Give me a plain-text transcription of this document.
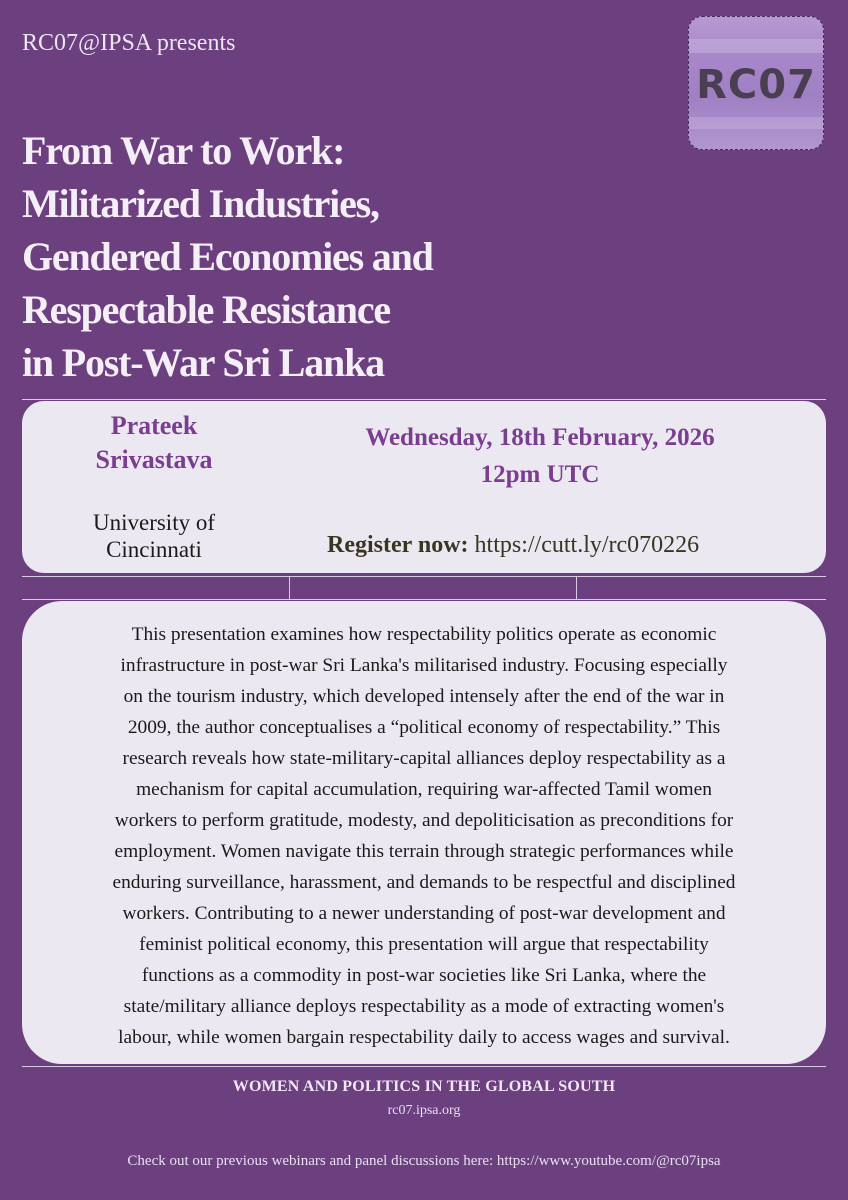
RC07@IPSA presents
RC07
From War to Work:
Militarized Industries,
Gendered Economies and
Respectable Resistance
in Post-War Sri Lanka
Prateek
Srivastava
University of
Cincinnati
Wednesday, 18th February, 2026
12pm UTC
Register now: https://cutt.ly/rc070226
This presentation examines how respectability politics operate as economic
infrastructure in post-war Sri Lanka's militarised industry. Focusing especially
on the tourism industry, which developed intensely after the end of the war in
2009, the author conceptualises a “political economy of respectability.” This
research reveals how state-military-capital alliances deploy respectability as a
mechanism for capital accumulation, requiring war-affected Tamil women
workers to perform gratitude, modesty, and depoliticisation as preconditions for
employment. Women navigate this terrain through strategic performances while
enduring surveillance, harassment, and demands to be respectful and disciplined
workers. Contributing to a newer understanding of post-war development and
feminist political economy, this presentation will argue that respectability
functions as a commodity in post-war societies like Sri Lanka, where the
state/military alliance deploys respectability as a mode of extracting women's
labour, while women bargain respectability daily to access wages and survival.
WOMEN AND POLITICS IN THE GLOBAL SOUTH
rc07.ipsa.org
Check out our previous webinars and panel discussions here: https://www.youtube.com/@rc07ipsa
